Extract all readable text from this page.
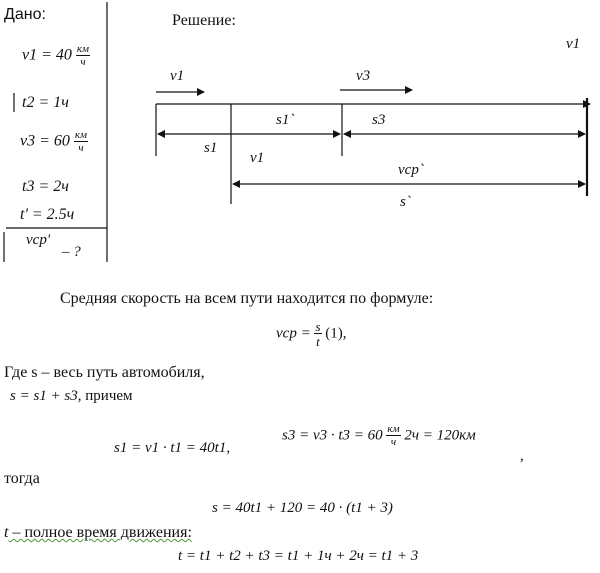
Дано:
$v1 = 40 \frac{км}{ч}$
t2 = 1ч
$v3 = 60 \frac{км}{ч}$
t3 = 2ч
t' = 2.5ч
vср'
– ?
Решение:
v1
v1	v3
s1`	s3
s1
v1
vср`
s`
Средняя скорость на всем пути находится по формуле:
vср = $\frac{s}{t} (1)$,
Где s – весь путь автомобиля,
s = s1 + s3, причем
s1 = v1 · t1 = 40t1,
$s3 = v3 \cdot t3 = 60 \frac{км}{ч} 2ч = 120км$
,
тогда
s = 40t1 + 120 = 40 · (t1 + 3)
t – полное время движения:
t = t1 + t2 + t3 = t1 + 1ч + 2ч = t1 + 3
